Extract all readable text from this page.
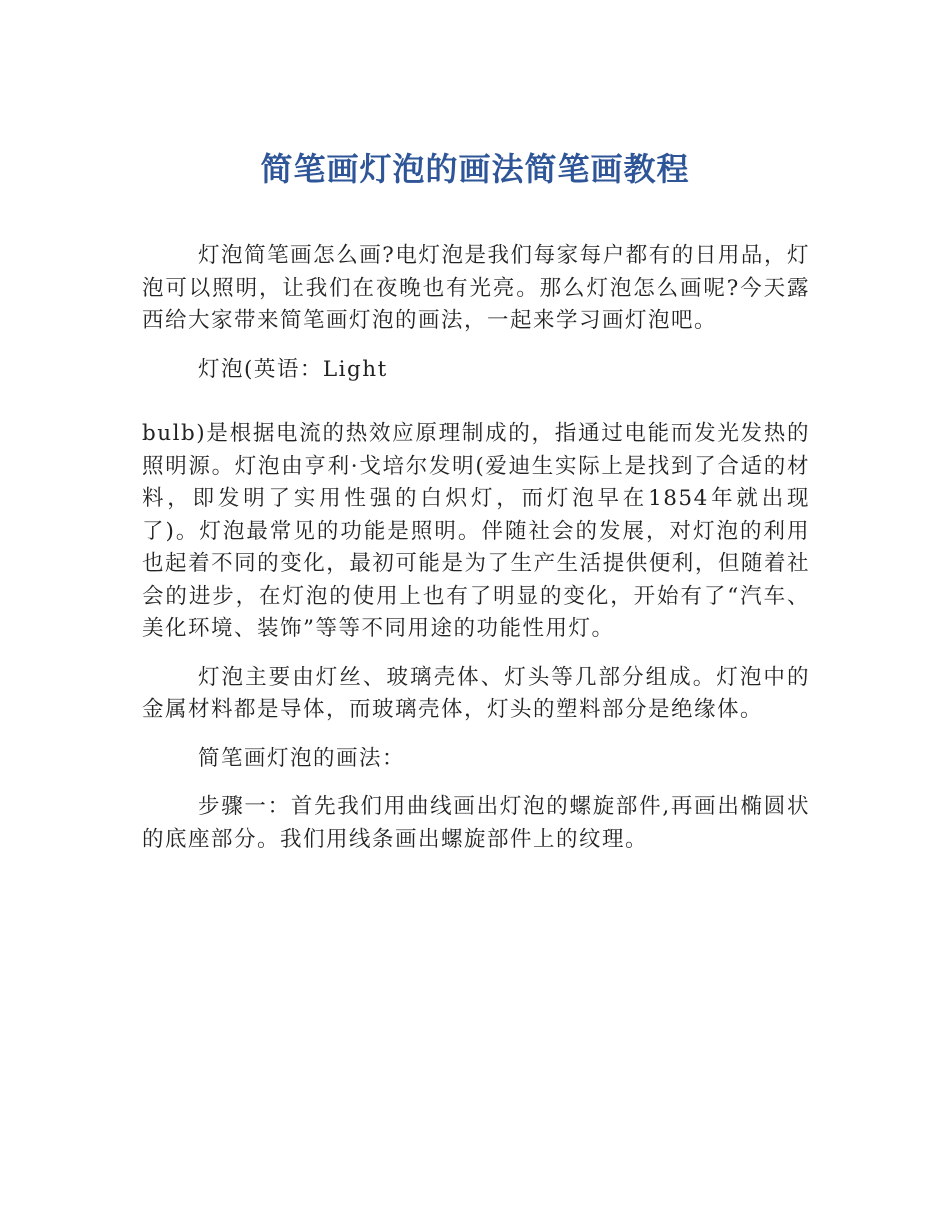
简笔画灯泡的画法简笔画教程

灯泡简笔画怎么画?电灯泡是我们每家每户都有的日用品，灯泡可以照明，让我们在夜晚也有光亮。那么灯泡怎么画呢?今天露西给大家带来简笔画灯泡的画法，一起来学习画灯泡吧。

灯泡(英语：Light

bulb)是根据电流的热效应原理制成的，指通过电能而发光发热的照明源。灯泡由亨利·戈培尔发明(爱迪生实际上是找到了合适的材料，即发明了实用性强的白炽灯，而灯泡早在1854年就出现了)。灯泡最常见的功能是照明。伴随社会的发展，对灯泡的利用也起着不同的变化，最初可能是为了生产生活提供便利，但随着社会的进步，在灯泡的使用上也有了明显的变化，开始有了“汽车、美化环境、装饰”等等不同用途的功能性用灯。

灯泡主要由灯丝、玻璃壳体、灯头等几部分组成。灯泡中的金属材料都是导体，而玻璃壳体，灯头的塑料部分是绝缘体。

简笔画灯泡的画法：

步骤一：首先我们用曲线画出灯泡的螺旋部件,再画出椭圆状的底座部分。我们用线条画出螺旋部件上的纹理。
